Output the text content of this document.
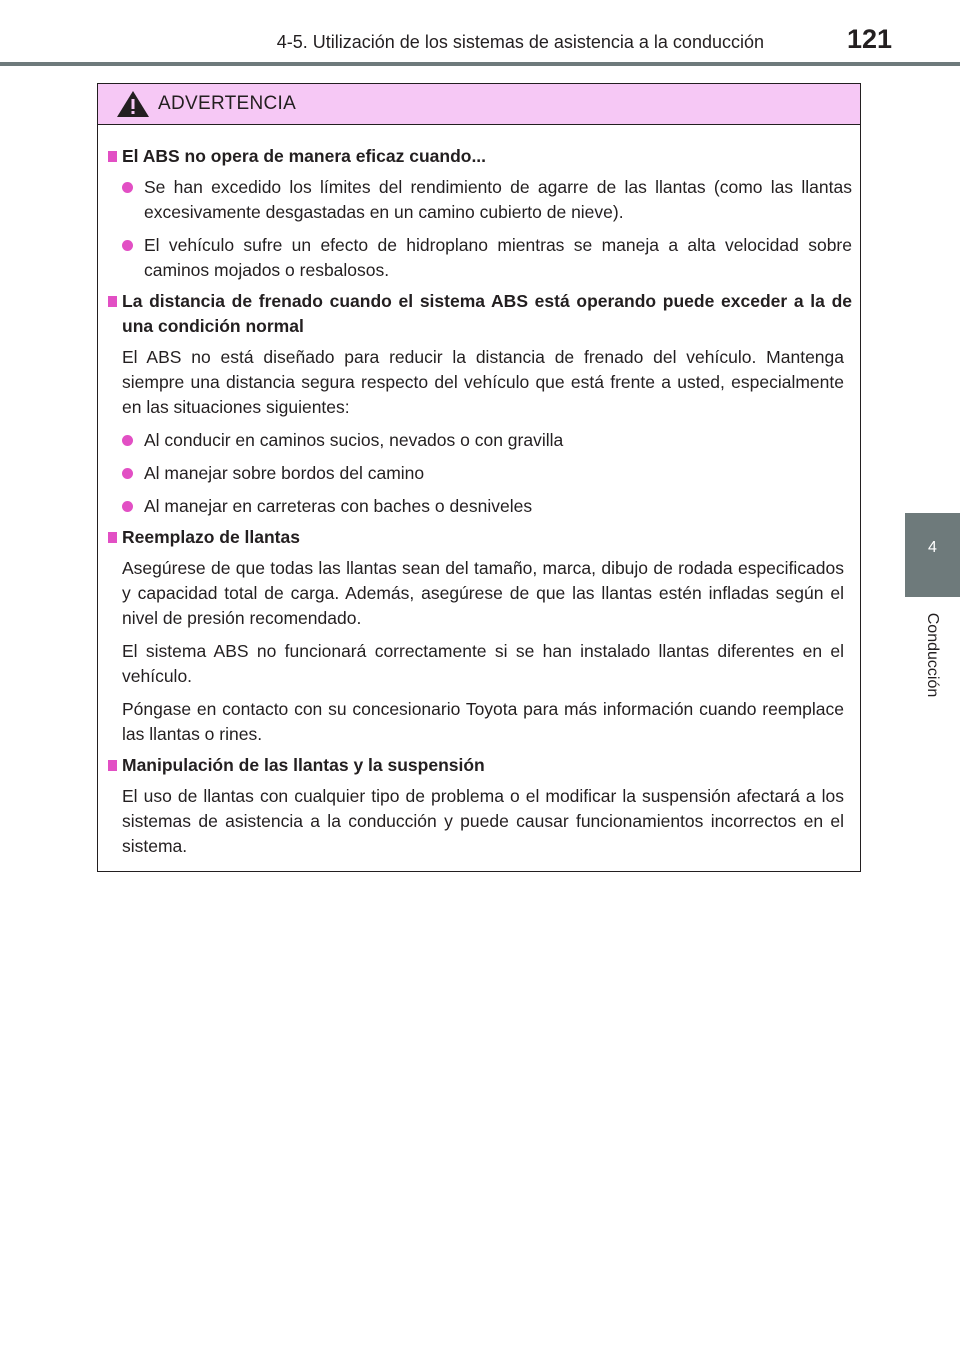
4-5. Utilización de los sistemas de asistencia a la conducción	121
4
Conducción
ADVERTENCIA
El ABS no opera de manera eficaz cuando...
Se han excedido los límites del rendimiento de agarre de las llantas (como las llantas excesivamente desgastadas en un camino cubierto de nieve).
El vehículo sufre un efecto de hidroplano mientras se maneja a alta velocidad sobre caminos mojados o resbalosos.
La distancia de frenado cuando el sistema ABS está operando puede exceder a la de una condición normal
El ABS no está diseñado para reducir la distancia de frenado del vehículo. Mantenga siempre una distancia segura respecto del vehículo que está frente a usted, especialmente en las situaciones siguientes:
Al conducir en caminos sucios, nevados o con gravilla
Al manejar sobre bordos del camino
Al manejar en carreteras con baches o desniveles
Reemplazo de llantas
Asegúrese de que todas las llantas sean del tamaño, marca, dibujo de rodada especificados y capacidad total de carga. Además, asegúrese de que las llantas estén infladas según el nivel de presión recomendado.
El sistema ABS no funcionará correctamente si se han instalado llantas diferentes en el vehículo.
Póngase en contacto con su concesionario Toyota para más información cuando reemplace las llantas o rines.
Manipulación de las llantas y la suspensión
El uso de llantas con cualquier tipo de problema o el modificar la suspensión afectará a los sistemas de asistencia a la conducción y puede causar funcionamientos incorrectos en el sistema.
